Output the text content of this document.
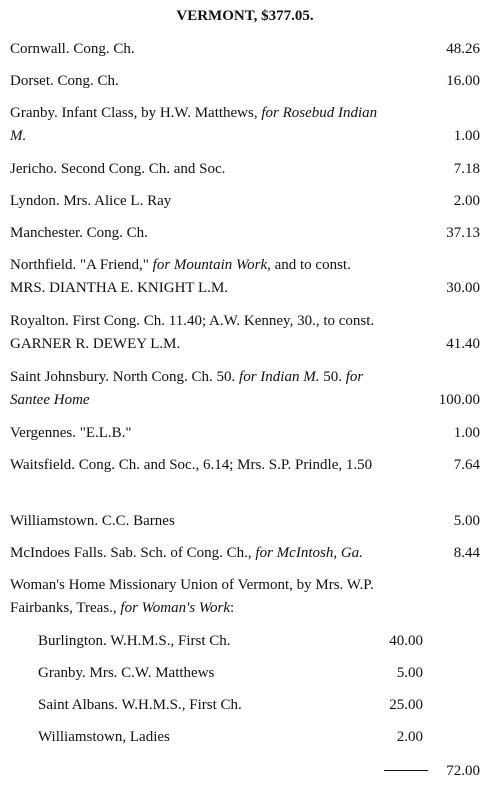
VERMONT, $377.05.
Cornwall. Cong. Ch.	48.26
Dorset. Cong. Ch.	16.00
Granby. Infant Class, by H.W. Matthews, for Rosebud Indian M.	1.00
Jericho. Second Cong. Ch. and Soc.	7.18
Lyndon. Mrs. Alice L. Ray	2.00
Manchester. Cong. Ch.	37.13
Northfield. "A Friend," for Mountain Work, and to const. MRS. DIANTHA E. KNIGHT L.M.	30.00
Royalton. First Cong. Ch. 11.40; A.W. Kenney, 30., to const. GARNER R. DEWEY L.M.	41.40
Saint Johnsbury. North Cong. Ch. 50. for Indian M. 50. for Santee Home	100.00
Vergennes. "E.L.B."	1.00
Waitsfield. Cong. Ch. and Soc., 6.14; Mrs. S.P. Prindle, 1.50	7.64
Williamstown. C.C. Barnes	5.00
McIndoes Falls. Sab. Sch. of Cong. Ch., for McIntosh, Ga.	8.44
Woman's Home Missionary Union of Vermont, by Mrs. W.P. Fairbanks, Treas., for Woman's Work:
Burlington. W.H.M.S., First Ch.	40.00
Granby. Mrs. C.W. Matthews	5.00
Saint Albans. W.H.M.S., First Ch.	25.00
Williamstown, Ladies	2.00
72.00
